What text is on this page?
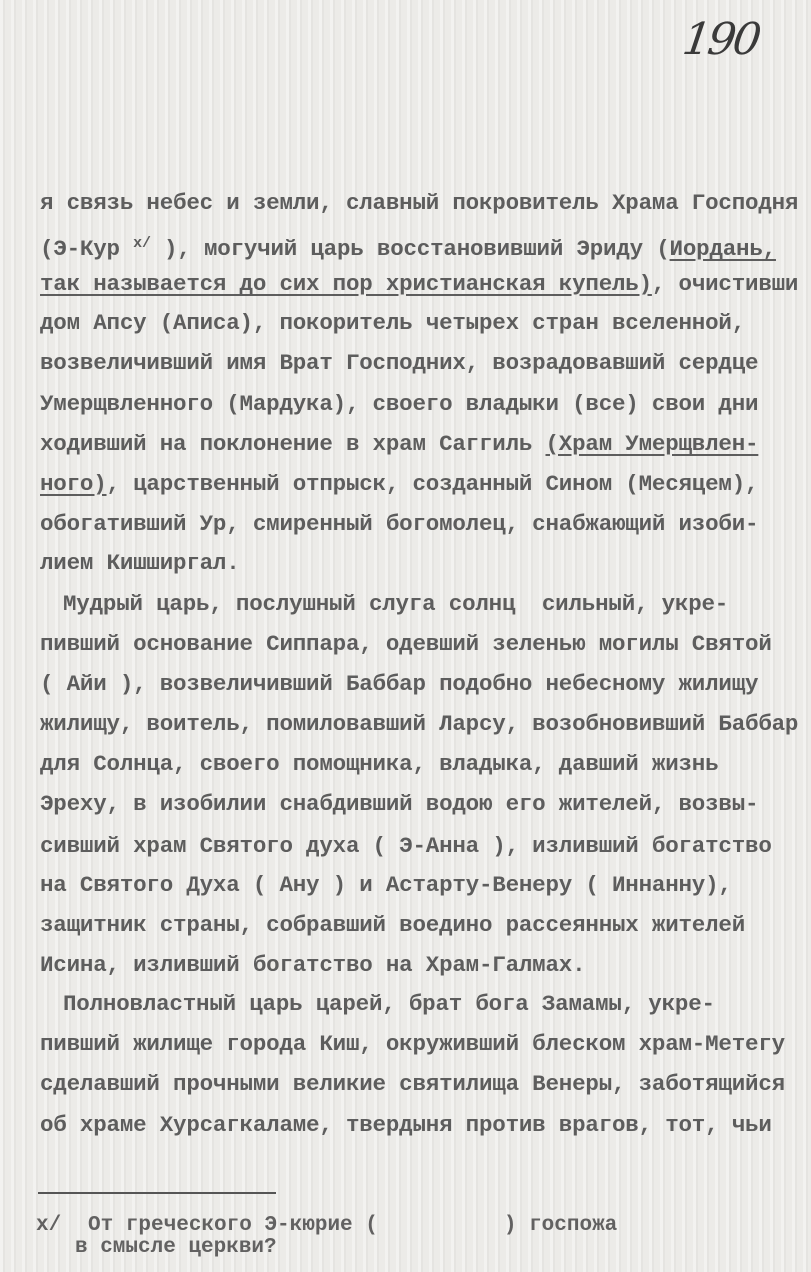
190
я связь небес и земли, славный покровитель Храма Господня
(Э-Кур $^{x/}$ ), могучий царь восстановивший Эриду (Иордань,
так называется до сих пор христианская купель), очистивши
дом Апсу (Аписа), покоритель четырех стран вселенной,
возвеличивший имя Врат Господних, возрадовавший сердце
Умерщвленного (Мардука), своего владыки (все) свои дни
ходивший на поклонение в храм Саггиль (Храм Умерщвлен-
ного), царственный отпрыск, созданный Сином (Месяцем),
обогативший Ур, смиренный богомолец, снабжающий изоби-
лием Кишширгал.
Мудрый царь, послушный слуга солнц  сильный, укре-
пивший основание Сиппара, одевший зеленью могилы Святой
( Айи ), возвеличивший Баббар подобно небесному жилищу
жилищу, воитель, помиловавший Ларсу, возобновивший Баббар
для Солнца, своего помощника, владыка, давший жизнь
Эреху, в изобилии снабдивший водою его жителей, возвы-
сивший храм Святого духа ( Э-Анна ), изливший богатство
на Святого Духа ( Ану ) и Астарту-Венеру ( Иннанну),
защитник страны, собравший воедино рассеянных жителей
Исина, изливший богатство на Храм-Галмах.
Полновластный царь царей, брат бога Замамы, укре-
пивший жилище города Киш, окруживший блеском храм-Метегу
сделавший прочными великие святилища Венеры, заботящийся
об храме Хурсагкаламе, твердыня против врагов, тот, чьи
x/ От греческого Э-кюрие (          ) госпожа
в смысле церкви?
